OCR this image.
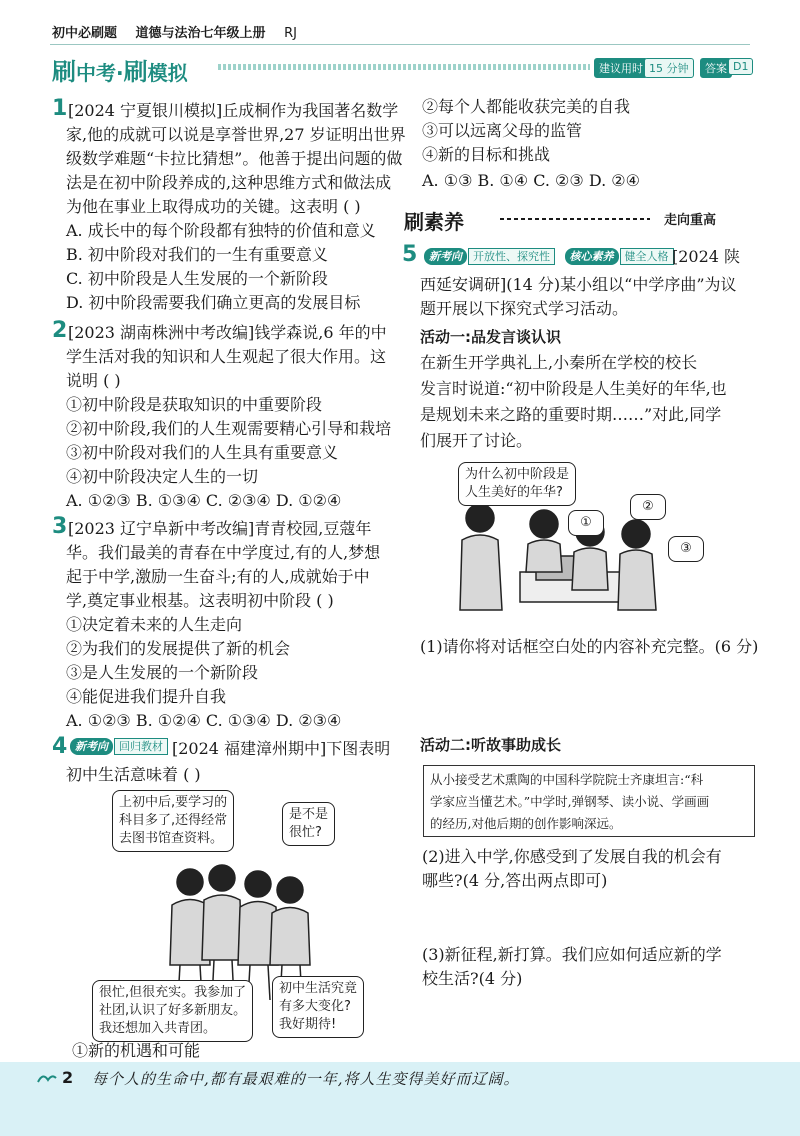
初中必刷题 道德与法治七年级上册 RJ
刷中考·刷模拟	建议用时 15 分钟	答案 D1
1 [2024 宁夏银川模拟]丘成桐作为我国著名数学
家,他的成就可以说是享誉世界,27 岁证明出世界
级数学难题“卡拉比猜想”。他善于提出问题的做
法是在初中阶段养成的,这种思维方式和做法成
为他在事业上取得成功的关键。这表明 ( )
A. 成长中的每个阶段都有独特的价值和意义
B. 初中阶段对我们的一生有重要意义
C. 初中阶段是人生发展的一个新阶段
D. 初中阶段需要我们确立更高的发展目标
2 [2023 湖南株洲中考改编]钱学森说,6 年的中
学生活对我的知识和人生观起了很大作用。这
说明 ( )
①初中阶段是获取知识的中重要阶段
②初中阶段,我们的人生观需要精心引导和栽培
③初中阶段对我们的人生具有重要意义
④初中阶段决定人生的一切
A. ①②③ B. ①③④ C. ②③④ D. ①②④
3 [2023 辽宁阜新中考改编]青青校园,豆蔻年
华。我们最美的青春在中学度过,有的人,梦想
起于中学,激励一生奋斗;有的人,成就始于中
学,奠定事业根基。这表明初中阶段 ( )
①决定着未来的人生走向
②为我们的发展提供了新的机会
③是人生发展的一个新阶段
④能促进我们提升自我
A. ①②③ B. ①②④ C. ①③④ D. ②③④
4 新考向 回归教材 [2024 福建漳州期中]下图表明
初中生活意味着 ( )
上初中后,要学习的
科目多了,还得经常
去图书馆查资料。
是不是
很忙?
很忙,但很充实。我参加了
社团,认识了好多新朋友。
我还想加入共青团。
初中生活究竟
有多大变化?
我好期待!
①新的机遇和可能
②每个人都能收获完美的自我
③可以远离父母的监管
④新的目标和挑战
A. ①③ B. ①④ C. ②③ D. ②④
刷素养	走向重高
5	新考向 开放性、探究性 核心素养 健全人格 [2024 陕
西延安调研](14 分)某小组以“中学序曲”为议
题开展以下探究式学习活动。
活动一:品发言谈认识
在新生开学典礼上,小秦所在学校的校长
发言时说道:“初中阶段是人生美好的年华,也
是规划未来之路的重要时期……”对此,同学
们展开了讨论。
为什么初中阶段是
人生美好的年华?
①
②
③
(1)请你将对话框空白处的内容补充完整。(6 分)
活动二:听故事助成长
从小接受艺术熏陶的中国科学院院士齐康坦言:“科
学家应当懂艺术。”中学时,弹钢琴、读小说、学画画
的经历,对他后期的创作影响深远。
(2)进入中学,你感受到了发展自我的机会有
哪些?(4 分,答出两点即可)
(3)新征程,新打算。我们应如何适应新的学
校生活?(4 分)
2 每个人的生命中,都有最艰难的一年,将人生变得美好而辽阔。
